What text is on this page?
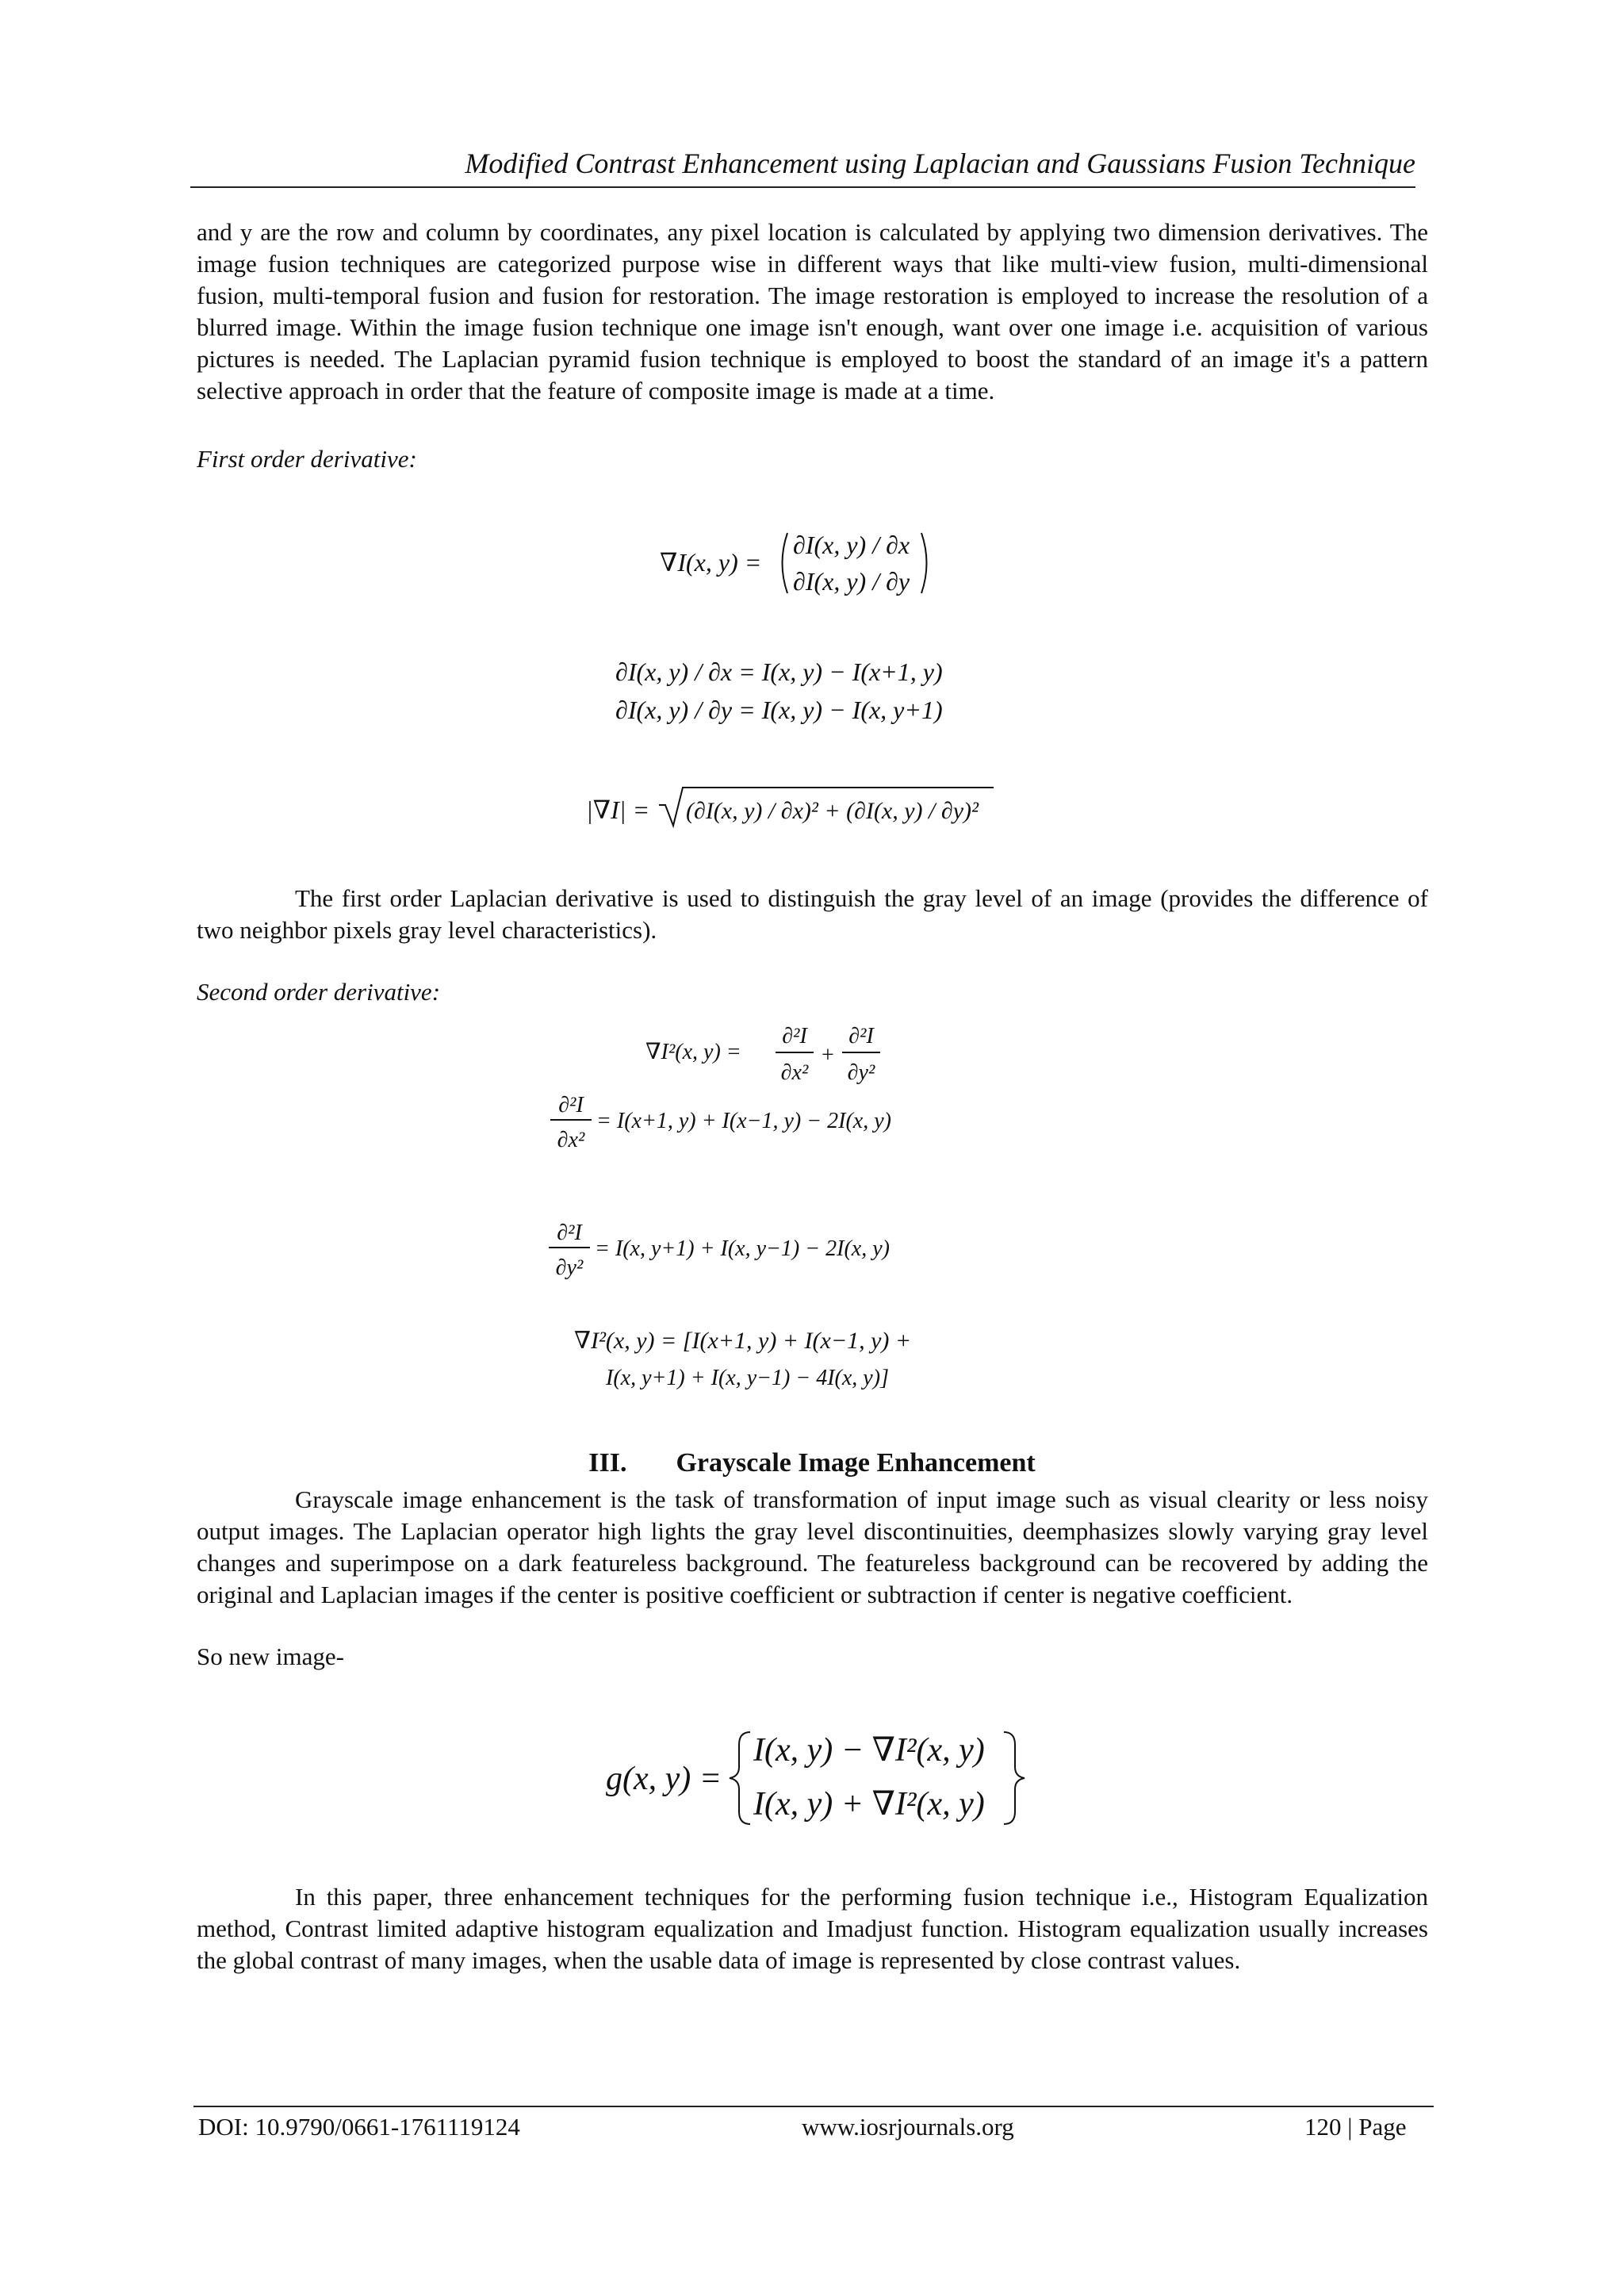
Modified Contrast Enhancement using Laplacian and Gaussians Fusion Technique

and y are the row and column by coordinates, any pixel location is calculated by applying two dimension derivatives. The image fusion techniques are categorized purpose wise in different ways that like multi-view fusion, multi-dimensional fusion, multi-temporal fusion and fusion for restoration. The image restoration is employed to increase the resolution of a blurred image. Within the image fusion technique one image isn't enough, want over one image i.e. acquisition of various pictures is needed. The Laplacian pyramid fusion technique is employed to boost the standard of an image it's a pattern selective approach in order that the feature of composite image is made at a time.

First order derivative:

∇I(x, y) =
∂I(x, y) / ∂x
∂I(x, y) / ∂y
∂I(x, y) / ∂x = I(x, y) − I(x+1, y)
∂I(x, y) / ∂y = I(x, y) − I(x, y+1)
|∇I| = (∂I(x, y) / ∂x)² + (∂I(x, y) / ∂y)²

The first order Laplacian derivative is used to distinguish the gray level of an image (provides the difference of two neighbor pixels gray level characteristics).

Second order derivative:

∇I²(x, y) =
∂²I
∂x²
+
∂²I
∂y²
∂²I
∂x²
= I(x+1, y) + I(x−1, y) − 2I(x, y)
∂²I
∂y²
= I(x, y+1) + I(x, y−1) − 2I(x, y)
∇I²(x, y) = [I(x+1, y) + I(x−1, y) +
I(x, y+1) + I(x, y−1) − 4I(x, y)]
III. Grayscale Image Enhancement

Grayscale image enhancement is the task of transformation of input image such as visual clearity or less noisy output images. The Laplacian operator high lights the gray level discontinuities, deemphasizes slowly varying gray level changes and superimpose on a dark featureless background. The featureless background can be recovered by adding the original and Laplacian images if the center is positive coefficient or subtraction if center is negative coefficient.

So new image-

g(x, y) =
I(x, y) − ∇I²(x, y)
I(x, y) + ∇I²(x, y)

In this paper, three enhancement techniques for the performing fusion technique i.e., Histogram Equalization method, Contrast limited adaptive histogram equalization and Imadjust function. Histogram equalization usually increases the global contrast of many images, when the usable data of image is represented by close contrast values.

DOI: 10.9790/0661-1761119124	www.iosrjournals.org	120 | Page
